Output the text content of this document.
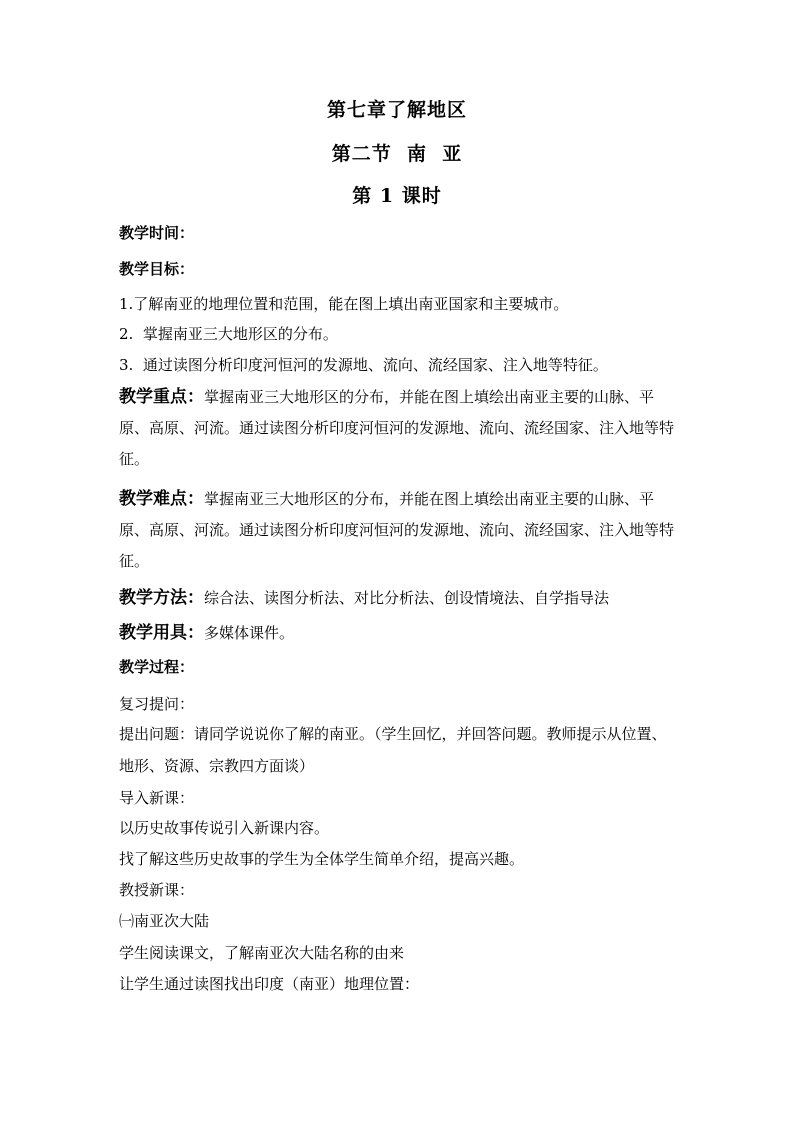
第七章了解地区
第二节  南  亚
第 1 课时
教学时间：
教学目标：
1.了解南亚的地理位置和范围，能在图上填出南亚国家和主要城市。
2.  掌握南亚三大地形区的分布。
3.  通过读图分析印度河恒河的发源地、流向、流经国家、注入地等特征。
教学重点：掌握南亚三大地形区的分布，并能在图上填绘出南亚主要的山脉、平原、高原、河流。通过读图分析印度河恒河的发源地、流向、流经国家、注入地等特征。
教学难点：掌握南亚三大地形区的分布，并能在图上填绘出南亚主要的山脉、平原、高原、河流。通过读图分析印度河恒河的发源地、流向、流经国家、注入地等特征。
教学方法：综合法、读图分析法、对比分析法、创设情境法、自学指导法
教学用具：多媒体课件。
教学过程：
复习提问：
提出问题：请同学说说你了解的南亚。（学生回忆，并回答问题。教师提示从位置、地形、资源、宗教四方面谈）
导入新课：
以历史故事传说引入新课内容。
找了解这些历史故事的学生为全体学生简单介绍，提高兴趣。
教授新课：
㈠南亚次大陆
学生阅读课文，了解南亚次大陆名称的由来
让学生通过读图找出印度（南亚）地理位置：
